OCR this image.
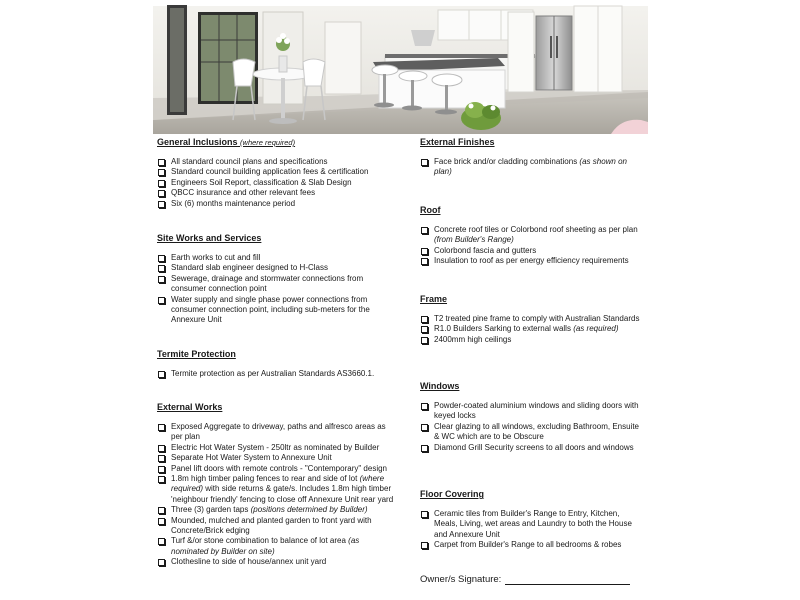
General Inclusions (where required)
All standard council plans and specifications
Standard council building application fees & certification
Engineers Soil Report, classification & Slab Design
QBCC insurance and other relevant fees
Six (6) months maintenance period
Site Works and Services
Earth works to cut and fill
Standard slab engineer designed to H-Class
Sewerage, drainage and stormwater connections from consumer connection point
Water supply and single phase power connections from consumer connection point, including sub-meters for the Annexure Unit
Termite Protection
Termite protection as per Australian Standards AS3660.1.
External Works
Exposed Aggregate to driveway, paths and alfresco areas as per plan
Electric Hot Water System - 250ltr as nominated by Builder
Separate Hot Water System to Annexure Unit
Panel lift doors with remote controls - "Contemporary" design
1.8m high timber paling fences to rear and side of lot (where required) with side returns & gate/s. Includes 1.8m high timber 'neighbour friendly' fencing to close off Annexure Unit rear yard
Three (3) garden taps (positions determined by Builder)
Mounded, mulched and planted garden to front yard with Concrete/Brick edging
Turf &/or stone combination to balance of lot area (as nominated by Builder on site)
Clothesline to side of house/annex unit yard
External Finishes
Face brick and/or cladding combinations (as shown on plan)
Roof
Concrete roof tiles or Colorbond roof sheeting as per plan (from Builder's Range)
Colorbond fascia and gutters
Insulation to roof as per energy efficiency requirements
Frame
T2 treated pine frame to comply with Australian Standards
R1.0 Builders Sarking to external walls (as required)
2400mm high ceilings
Windows
Powder-coated aluminium windows and sliding doors with keyed locks
Clear glazing to all windows, excluding Bathroom, Ensuite & WC which are to be Obscure
Diamond Grill Security screens to all doors and windows
Floor Covering
Ceramic tiles from Builder's Range to Entry, Kitchen, Meals, Living, wet areas and Laundry to both the House and Annexure Unit
Carpet from Builder's Range to all bedrooms & robes
Owner/s Signature:
